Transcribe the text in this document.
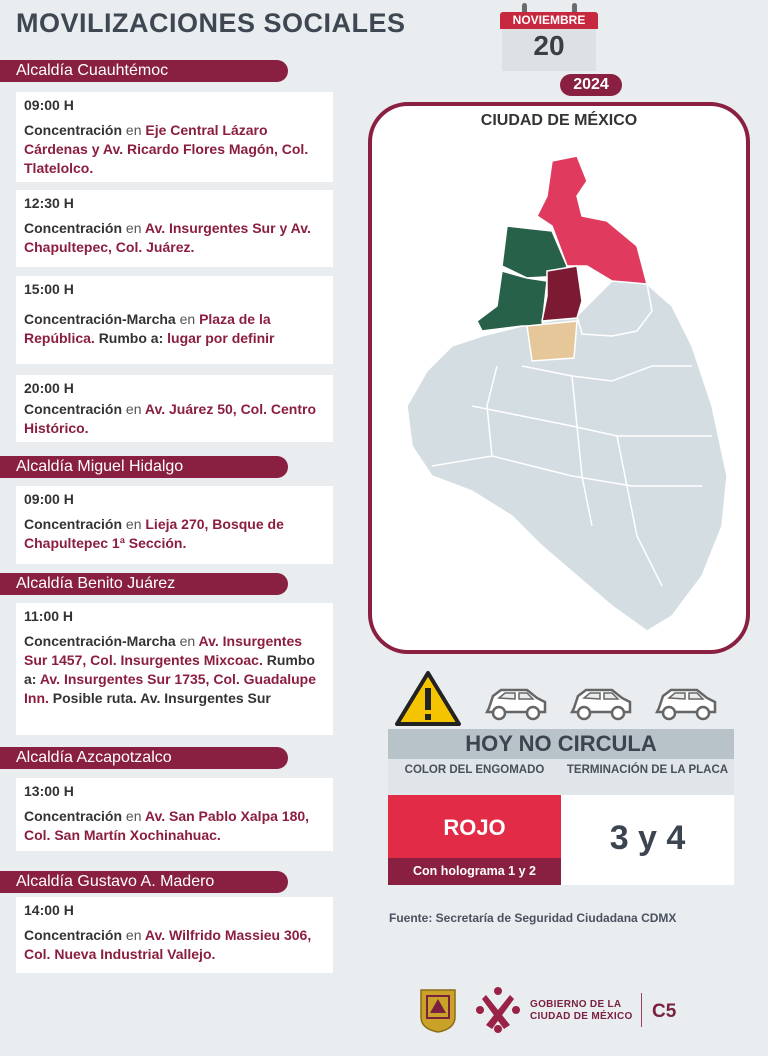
MOVILIZACIONES SOCIALES	NOVIEMBRE
20
2024
Alcaldía Cuauhtémoc
09:00 H
Concentración en Eje Central Lázaro Cárdenas y Av. Ricardo Flores Magón, Col. Tlatelolco.
12:30 H
Concentración en Av. Insurgentes Sur y Av. Chapultepec, Col. Juárez.
15:00 H
Concentración-Marcha en Plaza de la República. Rumbo a: lugar por definir
20:00 H
Concentración en Av. Juárez 50, Col. Centro Histórico.
Alcaldía Miguel Hidalgo
09:00 H
Concentración en Lieja 270, Bosque de Chapultepec 1ª Sección.
Alcaldía Benito Juárez
11:00 H
Concentración-Marcha en Av. Insurgentes Sur 1457, Col. Insurgentes Mixcoac. Rumbo a: Av. Insurgentes Sur 1735, Col. Guadalupe Inn. Posible ruta. Av. Insurgentes Sur
Alcaldía Azcapotzalco
13:00 H
Concentración en Av. San Pablo Xalpa 180, Col. San Martín Xochinahuac.
Alcaldía Gustavo A. Madero
14:00 H
Concentración en Av. Wilfrido Massieu 306, Col. Nueva Industrial Vallejo.
CIUDAD DE MÉXICO
HOY NO CIRCULA
COLOR DEL ENGOMADO	TERMINACIÓN DE LA PLACA
ROJO
Con holograma 1 y 2
3 y 4
Fuente: Secretaría de Seguridad Ciudadana CDMX
GOBIERNO DE LA
CIUDAD DE MÉXICO C5
